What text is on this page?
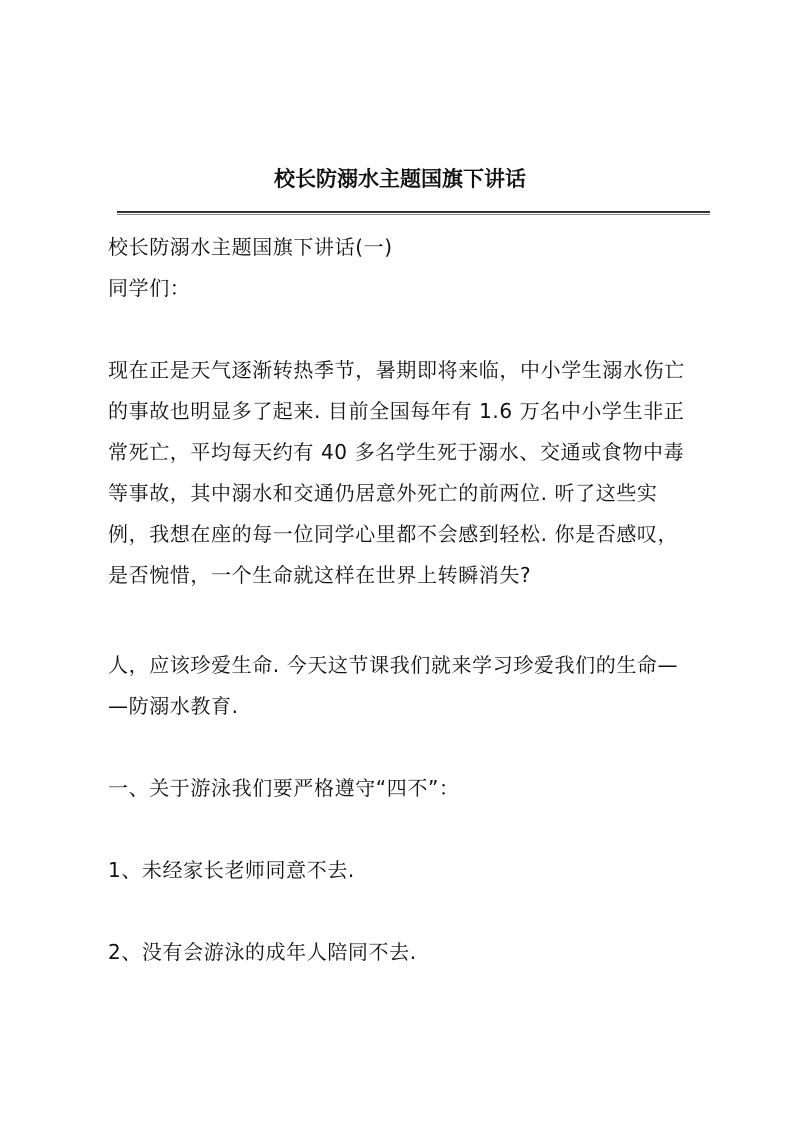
校长防溺水主题国旗下讲话
校长防溺水主题国旗下讲话(一)
同学们：
现在正是天气逐渐转热季节，暑期即将来临，中小学生溺水伤亡
的事故也明显多了起来. 目前全国每年有 1.6 万名中小学生非正
常死亡，平均每天约有 40 多名学生死于溺水、交通或食物中毒
等事故，其中溺水和交通仍居意外死亡的前两位. 听了这些实
例，我想在座的每一位同学心里都不会感到轻松. 你是否感叹，
是否惋惜，一个生命就这样在世界上转瞬消失?
人，应该珍爱生命. 今天这节课我们就来学习珍爱我们的生命—
—防溺水教育.
一、关于游泳我们要严格遵守“四不”：
1、未经家长老师同意不去.
2、没有会游泳的成年人陪同不去.
